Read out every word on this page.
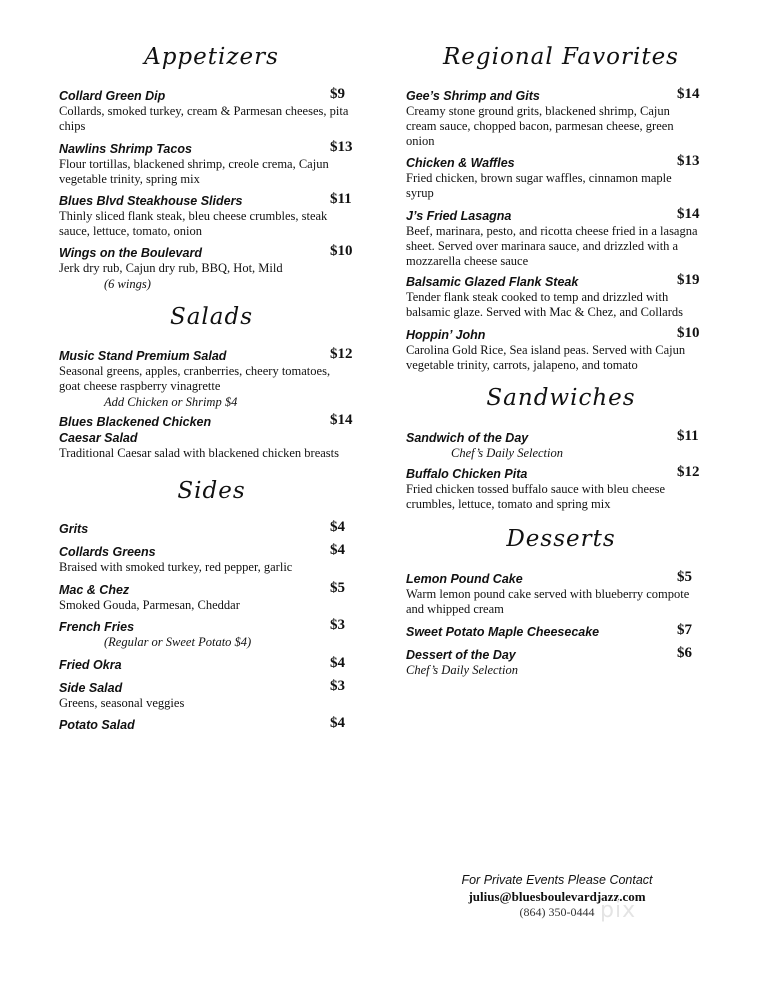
Appetizers
Collard Green Dip	$9
Collards, smoked turkey, cream & Parmesan cheeses, pita chips
Nawlins Shrimp Tacos	$13
Flour tortillas, blackened shrimp, creole crema, Cajun vegetable trinity, spring mix
Blues Blvd Steakhouse Sliders	$11
Thinly sliced flank steak, bleu cheese crumbles, steak sauce, lettuce, tomato, onion
Wings on the Boulevard	$10
Jerk dry rub, Cajun dry rub, BBQ, Hot, Mild
(6 wings)
Salads
Music Stand Premium Salad	$12
Seasonal greens, apples, cranberries, cheery tomatoes, goat cheese raspberry vinagrette
Add Chicken or Shrimp $4
Blues Blackened Chicken	$14
Caesar Salad
Traditional Caesar salad with blackened chicken breasts
Sides
Grits	$4
Collards Greens	$4
Braised with smoked turkey, red pepper, garlic
Mac & Chez	$5
Smoked Gouda, Parmesan, Cheddar
French Fries	$3
(Regular or Sweet Potato $4)
Fried Okra	$4
Side Salad	$3
Greens, seasonal veggies
Potato Salad	$4
Regional Favorites
Gee’s Shrimp and Gits	$14
Creamy stone ground grits, blackened shrimp, Cajun cream sauce, chopped bacon, parmesan cheese, green onion
Chicken & Waffles	$13
Fried chicken, brown sugar waffles, cinnamon maple syrup
J’s Fried Lasagna	$14
Beef, marinara, pesto, and ricotta cheese fried in a lasagna sheet. Served over marinara sauce, and drizzled with a mozzarella cheese sauce
Balsamic Glazed Flank Steak	$19
Tender flank steak cooked to temp and drizzled with balsamic glaze. Served with Mac & Chez, and Collards
Hoppin’ John	$10
Carolina Gold Rice, Sea island peas. Served with Cajun vegetable trinity, carrots, jalapeno, and tomato
Sandwiches
Sandwich of the Day	$11
Chef’s Daily Selection
Buffalo Chicken Pita	$12
Fried chicken tossed buffalo sauce with bleu cheese crumbles, lettuce, tomato and spring mix
Desserts
Lemon Pound Cake	$5
Warm lemon pound cake served with blueberry compote and whipped cream
Sweet Potato Maple Cheesecake	$7
Dessert of the Day	$6
Chef’s Daily Selection
For Private Events Please Contact
julius@bluesboulevardjazz.com
(864) 350-0444 pix
